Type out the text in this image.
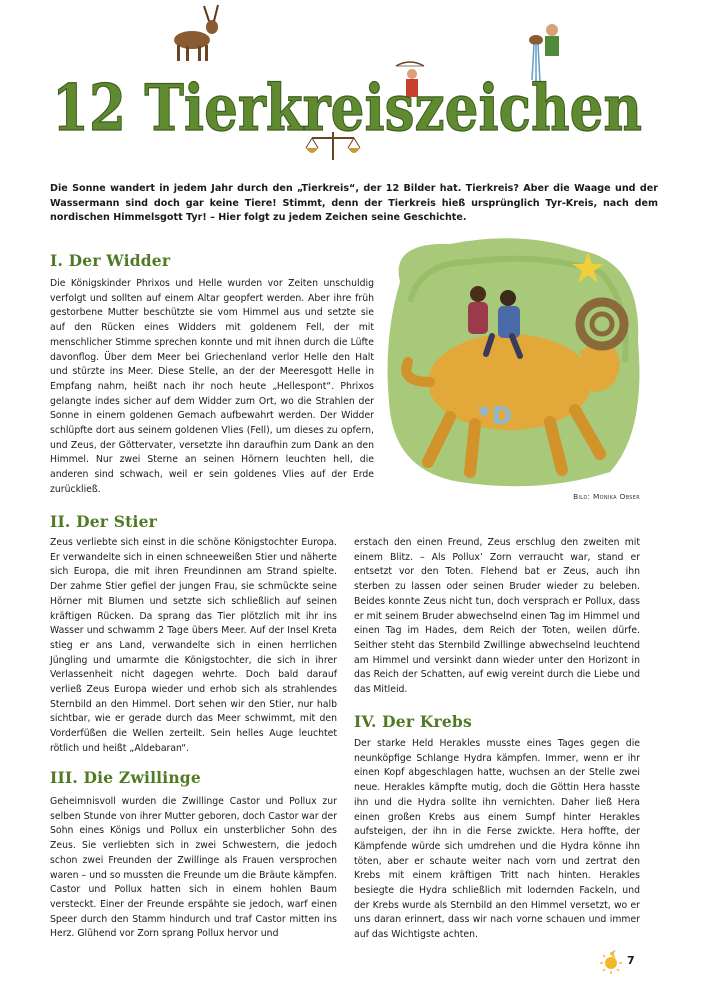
12 Tierkreiszeichen
Die Sonne wandert in jedem Jahr durch den „Tierkreis“, der 12 Bilder hat. Tierkreis? Aber die Waage und der Wassermann sind doch gar keine Tiere! Stimmt, denn der Tierkreis hieß ursprünglich Tyr-Kreis, nach dem nordischen Himmelsgott Tyr! – Hier folgt zu jedem Zeichen seine Geschichte.
I. Der Widder

Die Königskinder Phrixos und Helle wurden vor Zeiten unschuldig verfolgt und sollten auf einem Altar geopfert werden. Aber ihre früh gestorbene Mutter beschützte sie vom Himmel aus und setzte sie auf den Rücken eines Widders mit goldenem Fell, der mit menschlicher Stimme sprechen konnte und mit ihnen durch die Lüfte davonflog. Über dem Meer bei Griechenland verlor Helle den Halt und stürzte ins Meer. Diese Stelle, an der der Meeresgott Helle in Empfang nahm, heißt nach ihr noch heute „Hellespont“. Phrixos gelangte indes sicher auf dem Widder zum Ort, wo die Strahlen der Sonne in einem goldenen Gemach aufbewahrt werden. Der Widder schlüpfte dort aus seinem goldenen Vlies (Fell), um dieses zu opfern, und Zeus, der Göttervater, versetzte ihn daraufhin zum Dank an den Himmel. Nur zwei Sterne an seinen Hörnern leuchten hell, die anderen sind schwach, weil er sein goldenes Vlies auf der Erde zurückließ.

D
Bild: Monika Obser
II. Der Stier

Zeus verliebte sich einst in die schöne Königstochter Europa. Er verwandelte sich in einen schneeweißen Stier und näherte sich Europa, die mit ihren Freundinnen am Strand spielte. Der zahme Stier gefiel der jungen Frau, sie schmückte seine Hörner mit Blumen und setzte sich schließlich auf seinen kräftigen Rücken. Da sprang das Tier plötzlich mit ihr ins Wasser und schwamm 2 Tage übers Meer. Auf der Insel Kreta stieg er ans Land, verwandelte sich in einen herrlichen Jüngling und umarmte die Königstochter, die sich in ihrer Verlassenheit nicht dagegen wehrte. Doch bald darauf verließ Zeus Europa wieder und erhob sich als strahlendes Sternbild an den Himmel. Dort sehen wir den Stier, nur halb sichtbar, wie er gerade durch das Meer schwimmt, mit den Vorderfüßen die Wellen zerteilt. Sein helles Auge leuchtet rötlich und heißt „Aldebaran“.

III. Die Zwillinge

Geheimnisvoll wurden die Zwillinge Castor und Pollux zur selben Stunde von ihrer Mutter geboren, doch Castor war der Sohn eines Königs und Pollux ein unsterblicher Sohn des Zeus. Sie verliebten sich in zwei Schwestern, die jedoch schon zwei Freunden der Zwillinge als Frauen versprochen waren – und so mussten die Freunde um die Bräute kämpfen. Castor und Pollux hatten sich in einem hohlen Baum versteckt. Einer der Freunde erspähte sie jedoch, warf einen Speer durch den Stamm hindurch und traf Castor mitten ins Herz. Glühend vor Zorn sprang Pollux hervor und

erstach den einen Freund, Zeus erschlug den zweiten mit einem Blitz. – Als Pollux’ Zorn verraucht war, stand er entsetzt vor den Toten. Flehend bat er Zeus, auch ihn sterben zu lassen oder seinen Bruder wieder zu beleben. Beides konnte Zeus nicht tun, doch versprach er Pollux, dass er mit seinem Bruder abwechselnd einen Tag im Himmel und einen Tag im Hades, dem Reich der Toten, weilen dürfe. Seither steht das Sternbild Zwillinge abwechselnd leuchtend am Himmel und versinkt dann wieder unter den Horizont in das Reich der Schatten, auf ewig vereint durch die Liebe und das Mitleid.

IV. Der Krebs

Der starke Held Herakles musste eines Tages gegen die neunköpfige Schlange Hydra kämpfen. Immer, wenn er ihr einen Kopf abgeschlagen hatte, wuchsen an der Stelle zwei neue. Herakles kämpfte mutig, doch die Göttin Hera hasste ihn und die Hydra sollte ihn vernichten. Daher ließ Hera einen großen Krebs aus einem Sumpf hinter Herakles aufsteigen, der ihn in die Ferse zwickte. Hera hoffte, der Kämpfende würde sich umdrehen und die Hydra könne ihn töten, aber er schaute weiter nach vorn und zertrat den Krebs mit einem kräftigen Tritt nach hinten. Herakles besiegte die Hydra schließlich mit lodernden Fackeln, und der Krebs wurde als Sternbild an den Himmel versetzt, wo er uns daran erinnert, dass wir nach vorne schauen und immer auf das Wichtigste achten.

7
